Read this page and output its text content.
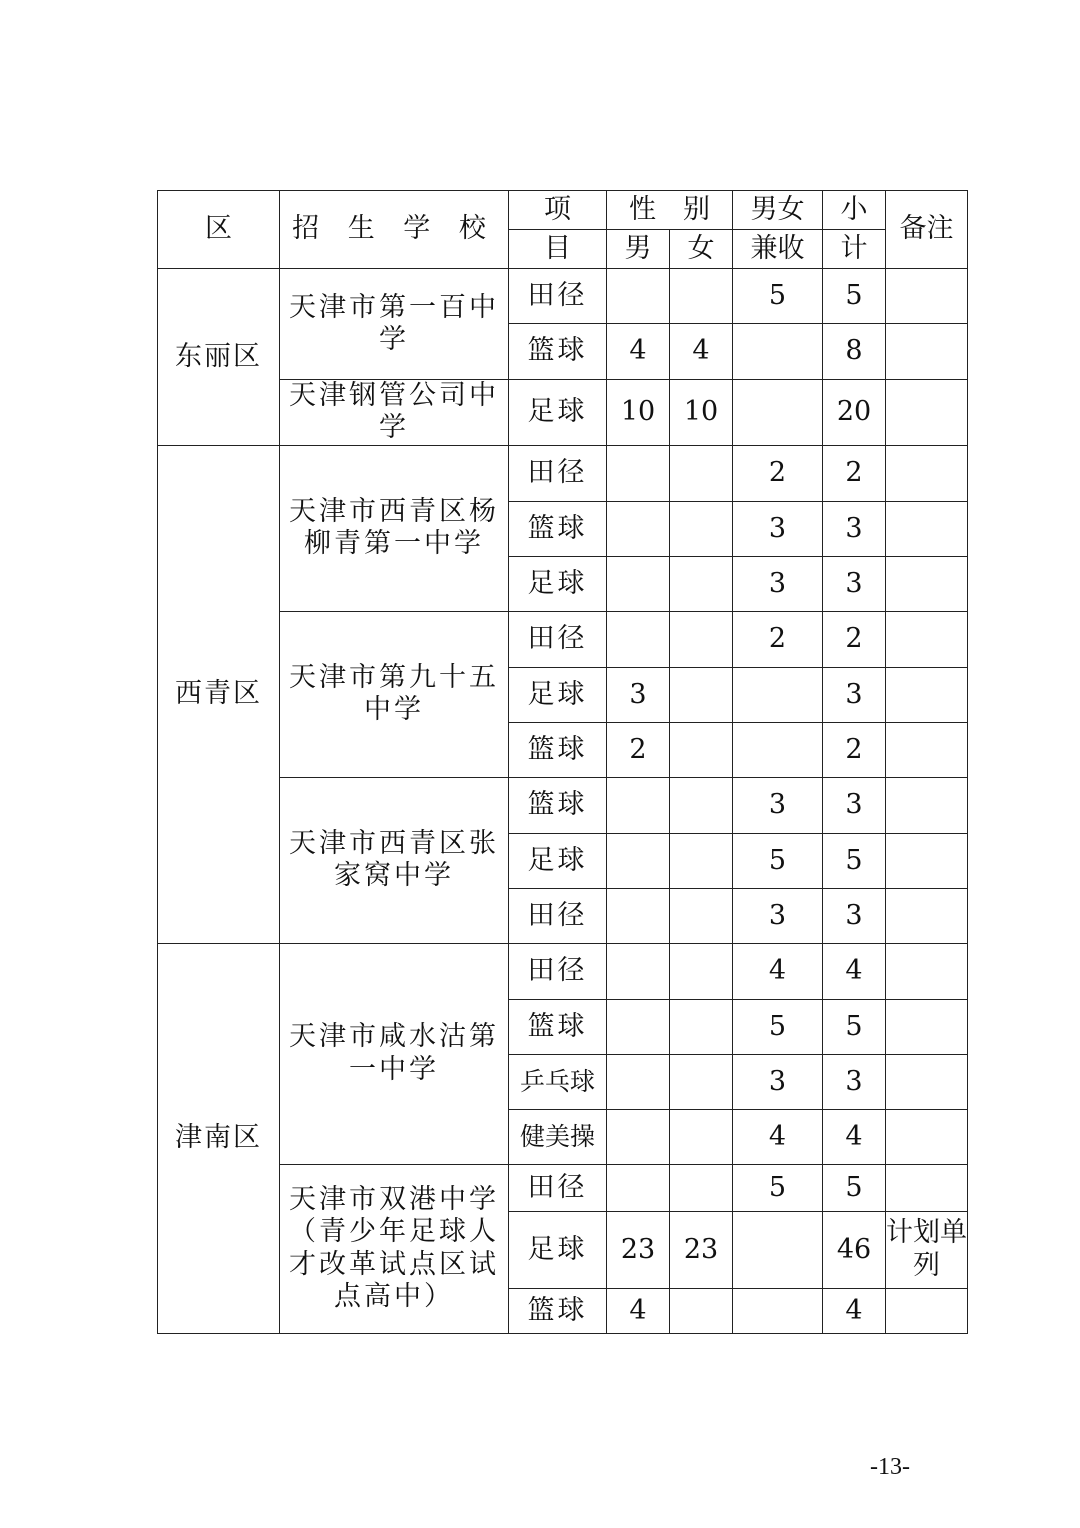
区	招 生 学 校	项	性　别		男女	小	备注
		目	男	女	兼收	计	
东丽区	天津市第一百中学	田径			5	5	
		篮球	4	4		8	
	天津钢管公司中学	足球	10	10		20	
西青区	天津市西青区杨柳青第一中学	田径			2	2	
		篮球			3	3	
		足球			3	3	
	天津市第九十五中学	田径			2	2	
		足球	3			3	
		篮球	2			2	
	天津市西青区张家窝中学	篮球			3	3	
		足球			5	5	
		田径			3	3	
津南区	天津市咸水沽第一中学	田径			4	4	
		篮球			5	5	
		乒乓球			3	3	
		健美操			4	4	
	天津市双港中学（青少年足球人才改革试点区试点高中）	田径			5	5	
		足球	23	23		46	计划单列
		篮球	4			4	
-13-
